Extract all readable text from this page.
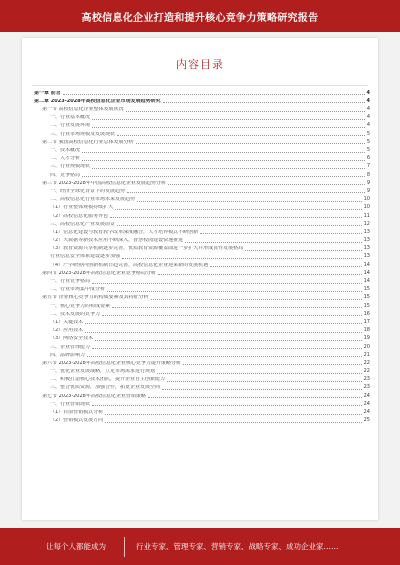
高校信息化企业打造和提升核心竞争力策略研究报告
内容目录
第一章 前言	4
第二章 2023-2028年高校信息化企业市场发展趋势研究	4
第一节 高校信息化企业整体发展状况	4
一、行业基本概况	4
二、行业发展环境	4
三、行业市场规模及发展现状	5
第二节 我国高校信息化行业总体发展分析	5
一、技术概况	5
二、人才分析	6
三、行业规模现状	7
四、竞争格局	8
第三节 2023-2028年中国高校信息化企业发展趋势分析	9
一、经济全球化背景下的发展趋势	9
二、高校信息化行业市场未来发展趋势	10
（1）行业整体规模持续扩大	10
（2）高校信息化服务外包	11
三、高校信息化产业发展前景	12
（1）信息化建设与教育教学改革深度融合，人才培养模式不断创新	13
（2）大数据等新技术应用不断深入，智慧校园建设快速推进	13
（3）教育资源共享机制逐步完善，优质教育资源覆盖面进一步扩大并形成良性发展格局	13
行业信息安全体系建设逐步加强	13
（4）产学研协同创新机制日趋完善，高校信息化企业迎来新的发展机遇	14
第四节 2023-2028年高校信息化企业竞争格局分析	14
一、行业竞争格局	14
二、行业市场集中度分析	15
第五节 企业核心竞争力的构成要素及其特征分析	15
一、核心竞争力的构成要素	15
二、技术发展的竞争力	16
（1）关键技术	17
（2）应用技术	18
（3）网络安全技术	19
三、企业管理能力	20
四、品牌影响力	21
第六节 2023-2028年高校信息化企业核心竞争力提升策略分析	22
一、优化企业发展战略，立足市场需求进行规划	22
二、积极打造核心技术团队，提升企业自主创新能力	23
三、整合优质资源，加强合作，拓宽企业发展空间	23
第七节 2023-2028年高校信息化企业营销策略	24
一、行业营销现状	24
（1）目前营销模式分析	24
（2）营销模式发展方向	25
让每个人都能成为	行业专家、管理专家、营销专家、战略专家、成功企业家……
